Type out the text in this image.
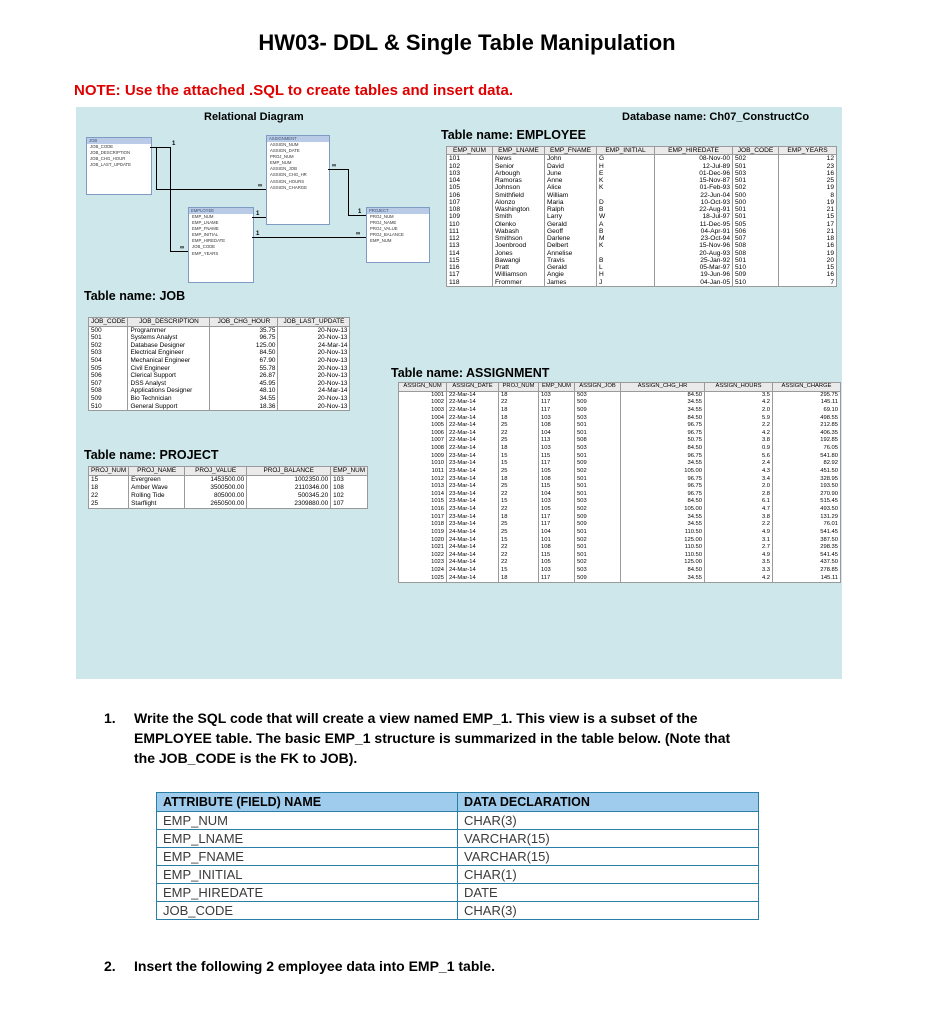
HW03- DDL & Single Table Manipulation
NOTE: Use the attached .SQL to create tables and insert data.
Relational Diagram	Database name: Ch07_ConstructCo
JOB
JOB_CODE
JOB_DESCRIPTION
JOB_CHG_HOUR
JOB_LAST_UPDATE
ASSIGNMENT
ASSIGN_NUM
ASSIGN_DATE
PROJ_NUM
EMP_NUM
ASSIGN_JOB
ASSIGN_CHG_HR
ASSIGN_HOURS
ASSIGN_CHARGE
EMPLOYEE
EMP_NUM
EMP_LNAME
EMP_FNAME
EMP_INITIAL
EMP_HIREDATE
JOB_CODE
EMP_YEARS
PROJECT
PROJ_NUM
PROJ_NAME
PROJ_VALUE
PROJ_BALANCE
EMP_NUM
1
∞
∞
1
∞
1
1	∞
Table name: EMPLOYEE
Table name: JOB
Table name: PROJECT
Table name: ASSIGNMENT
EMP_NUM	EMP_LNAME	EMP_FNAME	EMP_INITIAL	EMP_HIREDATE	JOB_CODE	EMP_YEARS
101	News	John	G	08-Nov-00	502	12
102	Senior	David	H	12-Jul-89	501	23
103	Arbough	June	E	01-Dec-96	503	16
104	Ramoras	Anne	K	15-Nov-87	501	25
105	Johnson	Alice	K	01-Feb-93	502	19
106	Smithfield	William		22-Jun-04	500	8
107	Alonzo	Maria	D	10-Oct-93	500	19
108	Washington	Ralph	B	22-Aug-91	501	21
109	Smith	Larry	W	18-Jul-97	501	15
110	Olenko	Gerald	A	11-Dec-95	505	17
111	Wabash	Geoff	B	04-Apr-91	506	21
112	Smithson	Darlene	M	23-Oct-94	507	18
113	Joenbrood	Delbert	K	15-Nov-96	508	16
114	Jones	Annelise		20-Aug-93	508	19
115	Bawangi	Travis	B	25-Jan-92	501	20
116	Pratt	Gerald	L	05-Mar-97	510	15
117	Williamson	Angie	H	19-Jun-96	509	16
118	Frommer	James	J	04-Jan-05	510	7
JOB_CODE	JOB_DESCRIPTION	JOB_CHG_HOUR	JOB_LAST_UPDATE
500	Programmer	35.75	20-Nov-13
501	Systems Analyst	96.75	20-Nov-13
502	Database Designer	125.00	24-Mar-14
503	Electrical Engineer	84.50	20-Nov-13
504	Mechanical Engineer	67.90	20-Nov-13
505	Civil Engineer	55.78	20-Nov-13
506	Clerical Support	26.87	20-Nov-13
507	DSS Analyst	45.95	20-Nov-13
508	Applications Designer	48.10	24-Mar-14
509	Bio Technician	34.55	20-Nov-13
510	General Support	18.36	20-Nov-13
PROJ_NUM	PROJ_NAME	PROJ_VALUE	PROJ_BALANCE	EMP_NUM
15	Evergreen	1453500.00	1002350.00	103
18	Amber Wave	3500500.00	2110346.00	108
22	Rolling Tide	805000.00	500345.20	102
25	Starflight	2650500.00	2309880.00	107
ASSIGN_NUM	ASSIGN_DATE	PROJ_NUM	EMP_NUM	ASSIGN_JOB	ASSIGN_CHG_HR	ASSIGN_HOURS	ASSIGN_CHARGE
1001	22-Mar-14	18	103	503	84.50	3.5	295.75
1002	22-Mar-14	22	117	509	34.55	4.2	145.11
1003	22-Mar-14	18	117	509	34.55	2.0	69.10
1004	22-Mar-14	18	103	503	84.50	5.9	498.55
1005	22-Mar-14	25	108	501	96.75	2.2	212.85
1006	22-Mar-14	22	104	501	96.75	4.2	406.35
1007	22-Mar-14	25	113	508	50.75	3.8	192.85
1008	22-Mar-14	18	103	503	84.50	0.9	76.05
1009	23-Mar-14	15	115	501	96.75	5.6	541.80
1010	23-Mar-14	15	117	509	34.55	2.4	82.92
1011	23-Mar-14	25	105	502	105.00	4.3	451.50
1012	23-Mar-14	18	108	501	96.75	3.4	328.95
1013	23-Mar-14	25	115	501	96.75	2.0	193.50
1014	23-Mar-14	22	104	501	96.75	2.8	270.90
1015	23-Mar-14	15	103	503	84.50	6.1	515.45
1016	23-Mar-14	22	105	502	105.00	4.7	493.50
1017	23-Mar-14	18	117	509	34.55	3.8	131.29
1018	23-Mar-14	25	117	509	34.55	2.2	76.01
1019	24-Mar-14	25	104	501	110.50	4.9	541.45
1020	24-Mar-14	15	101	502	125.00	3.1	387.50
1021	24-Mar-14	22	108	501	110.50	2.7	298.35
1022	24-Mar-14	22	115	501	110.50	4.9	541.45
1023	24-Mar-14	22	105	502	125.00	3.5	437.50
1024	24-Mar-14	15	103	503	84.50	3.3	278.85
1025	24-Mar-14	18	117	509	34.55	4.2	145.11
1. Write the SQL code that will create a view named EMP_1. This view is a subset of the
EMPLOYEE table. The basic EMP_1 structure is summarized in the table below. (Note that
the JOB_CODE is the FK to JOB).
ATTRIBUTE (FIELD) NAME	DATA DECLARATION
EMP_NUM	CHAR(3)
EMP_LNAME	VARCHAR(15)
EMP_FNAME	VARCHAR(15)
EMP_INITIAL	CHAR(1)
EMP_HIREDATE	DATE
JOB_CODE	CHAR(3)
2. Insert the following 2 employee data into EMP_1 table.
